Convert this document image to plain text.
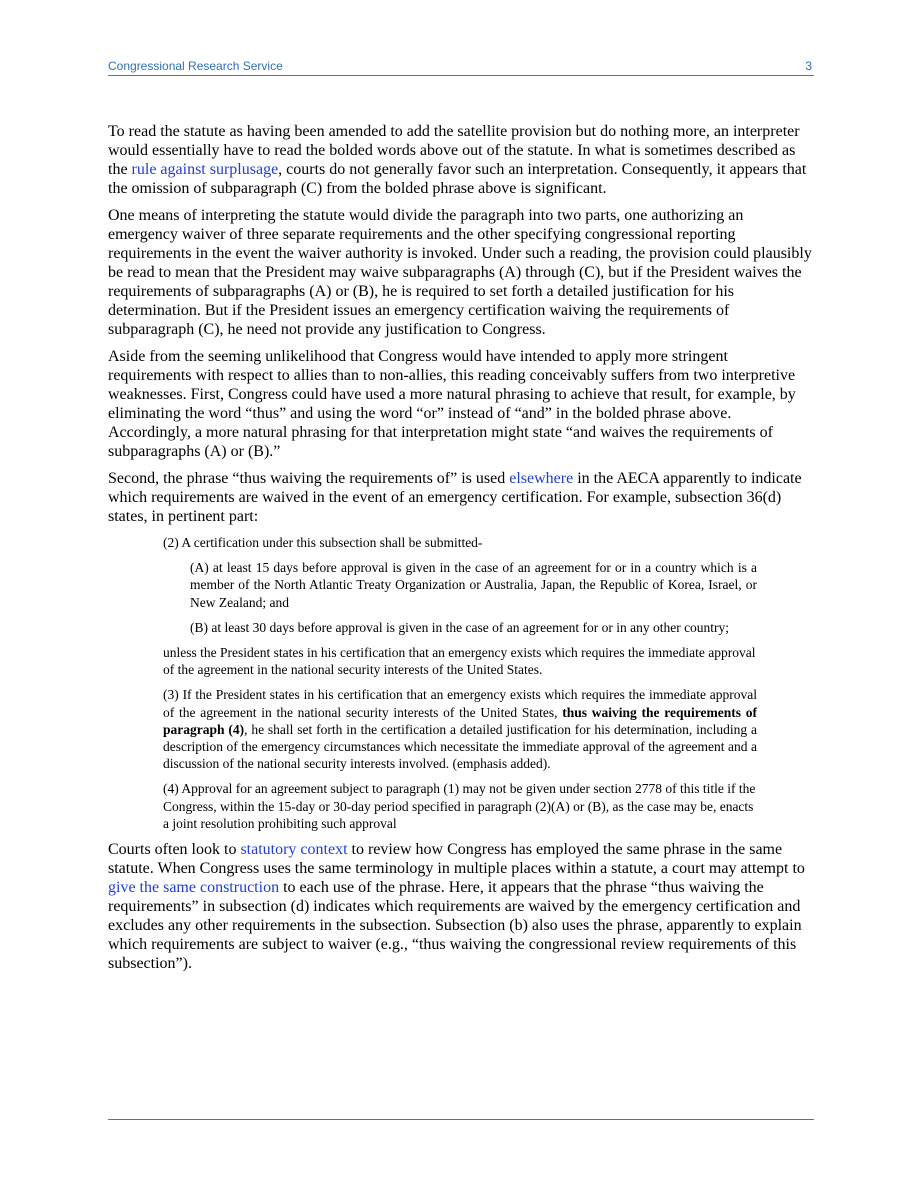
Congressional Research Service	3

To read the statute as having been amended to add the satellite provision but do nothing more, an interpreter would essentially have to read the bolded words above out of the statute. In what is sometimes described as the rule against surplusage, courts do not generally favor such an interpretation. Consequently, it appears that the omission of subparagraph (C) from the bolded phrase above is significant.

One means of interpreting the statute would divide the paragraph into two parts, one authorizing an emergency waiver of three separate requirements and the other specifying congressional reporting requirements in the event the waiver authority is invoked. Under such a reading, the provision could plausibly be read to mean that the President may waive subparagraphs (A) through (C), but if the President waives the requirements of subparagraphs (A) or (B), he is required to set forth a detailed justification for his determination. But if the President issues an emergency certification waiving the requirements of subparagraph (C), he need not provide any justification to Congress.

Aside from the seeming unlikelihood that Congress would have intended to apply more stringent requirements with respect to allies than to non-allies, this reading conceivably suffers from two interpretive weaknesses. First, Congress could have used a more natural phrasing to achieve that result, for example, by eliminating the word “thus” and using the word “or” instead of “and” in the bolded phrase above. Accordingly, a more natural phrasing for that interpretation might state “and waives the requirements of subparagraphs (A) or (B).”

Second, the phrase “thus waiving the requirements of” is used elsewhere in the AECA apparently to indicate which requirements are waived in the event of an emergency certification. For example, subsection 36(d) states, in pertinent part:

(2) A certification under this subsection shall be submitted-

(A) at least 15 days before approval is given in the case of an agreement for or in a country which is a member of the North Atlantic Treaty Organization or Australia, Japan, the Republic of Korea, Israel, or New Zealand; and

(B) at least 30 days before approval is given in the case of an agreement for or in any other country;

unless the President states in his certification that an emergency exists which requires the immediate approval of the agreement in the national security interests of the United States.

(3) If the President states in his certification that an emergency exists which requires the immediate approval of the agreement in the national security interests of the United States, thus waiving the requirements of paragraph (4), he shall set forth in the certification a detailed justification for his determination, including a description of the emergency circumstances which necessitate the immediate approval of the agreement and a discussion of the national security interests involved. (emphasis added).

(4) Approval for an agreement subject to paragraph (1) may not be given under section 2778 of this title if the Congress, within the 15-day or 30-day period specified in paragraph (2)(A) or (B), as the case may be, enacts a joint resolution prohibiting such approval

Courts often look to statutory context to review how Congress has employed the same phrase in the same statute. When Congress uses the same terminology in multiple places within a statute, a court may attempt to give the same construction to each use of the phrase. Here, it appears that the phrase “thus waiving the requirements” in subsection (d) indicates which requirements are waived by the emergency certification and excludes any other requirements in the subsection. Subsection (b) also uses the phrase, apparently to explain which requirements are subject to waiver (e.g., “thus waiving the congressional review requirements of this subsection”).
